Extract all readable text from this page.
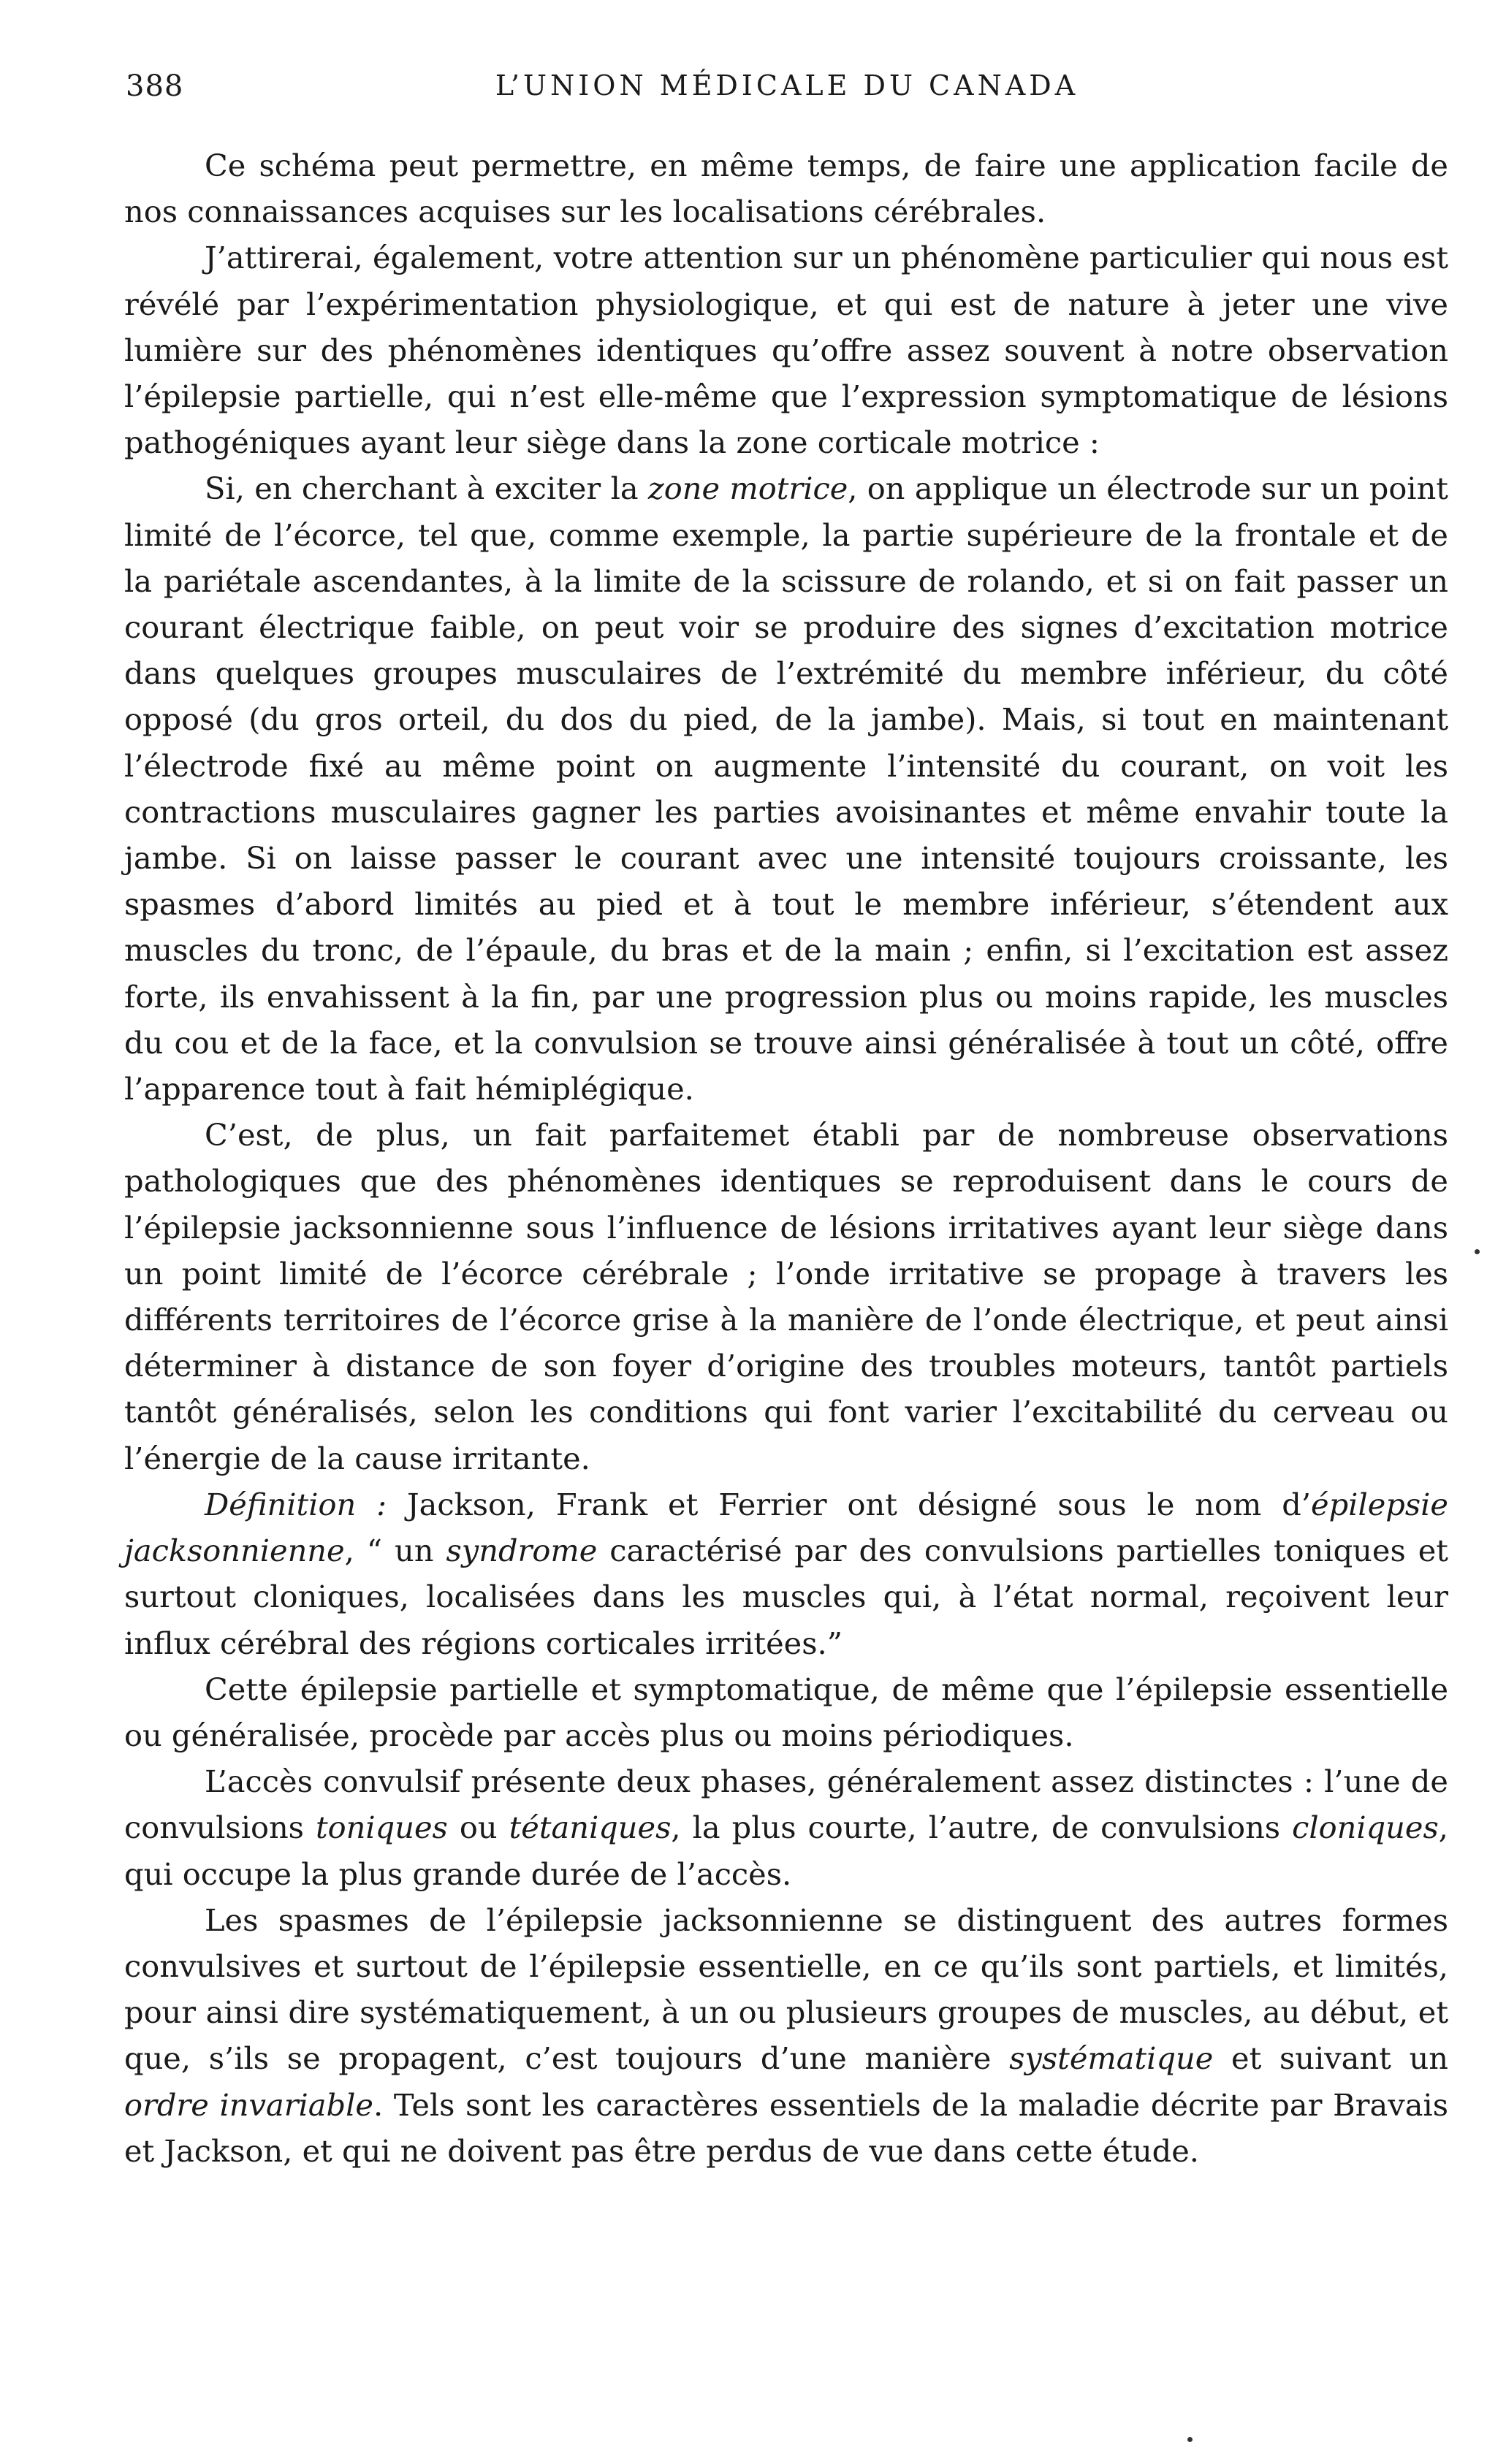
388	L’UNION MÉDICALE DU CANADA

Ce schéma peut permettre, en même temps, de faire une application facile de nos connaissances acquises sur les localisations cérébrales.

J’attirerai, également, votre attention sur un phénomène particulier qui nous est révélé par l’expérimentation physiologique, et qui est de nature à jeter une vive lumière sur des phénomènes identiques qu’offre assez souvent à notre observation l’épilepsie partielle, qui n’est elle-même que l’expression symptomatique de lésions pathogéniques ayant leur siège dans la zone corticale motrice :

Si, en cherchant à exciter la zone motrice, on applique un électrode sur un point limité de l’écorce, tel que, comme exemple, la partie supérieure de la frontale et de la pariétale ascendantes, à la limite de la scissure de rolando, et si on fait passer un courant électrique faible, on peut voir se produire des signes d’excitation motrice dans quelques groupes musculaires de l’extrémité du membre inférieur, du côté opposé (du gros orteil, du dos du pied, de la jambe). Mais, si tout en maintenant l’électrode fixé au même point on augmente l’intensité du courant, on voit les contractions musculaires gagner les parties avoisinantes et même envahir toute la jambe. Si on laisse passer le courant avec une intensité toujours croissante, les spasmes d’abord limités au pied et à tout le membre inférieur, s’étendent aux muscles du tronc, de l’épaule, du bras et de la main ; enfin, si l’excitation est assez forte, ils envahissent à la fin, par une progression plus ou moins rapide, les muscles du cou et de la face, et la convulsion se trouve ainsi généralisée à tout un côté, offre l’apparence tout à fait hémiplégique.

C’est, de plus, un fait parfaitemet établi par de nombreuse observations pathologiques que des phénomènes identiques se reproduisent dans le cours de l’épilepsie jacksonnienne sous l’influence de lésions irritatives ayant leur siège dans un point limité de l’écorce cérébrale ; l’onde irritative se propage à travers les différents territoires de l’écorce grise à la manière de l’onde électrique, et peut ainsi déterminer à distance de son foyer d’origine des troubles moteurs, tantôt partiels tantôt généralisés, selon les conditions qui font varier l’excitabilité du cerveau ou l’énergie de la cause irritante.

Définition : Jackson, Frank et Ferrier ont désigné sous le nom d’épilepsie jacksonnienne, “ un syndrome caractérisé par des convulsions partielles toniques et surtout cloniques, localisées dans les muscles qui, à l’état normal, reçoivent leur influx cérébral des régions corticales irritées.”

Cette épilepsie partielle et symptomatique, de même que l’épilepsie essentielle ou généralisée, procède par accès plus ou moins périodiques.

L’accès convulsif présente deux phases, généralement assez distinctes : l’une de convulsions toniques ou tétaniques, la plus courte, l’autre, de convulsions cloniques, qui occupe la plus grande durée de l’accès.

Les spasmes de l’épilepsie jacksonnienne se distinguent des autres formes convulsives et surtout de l’épilepsie essentielle, en ce qu’ils sont partiels, et limités, pour ainsi dire systématiquement, à un ou plusieurs groupes de muscles, au début, et que, s’ils se propagent, c’est toujours d’une manière systématique et suivant un ordre invariable. Tels sont les caractères essentiels de la maladie décrite par Bravais et Jackson, et qui ne doivent pas être perdus de vue dans cette étude.
